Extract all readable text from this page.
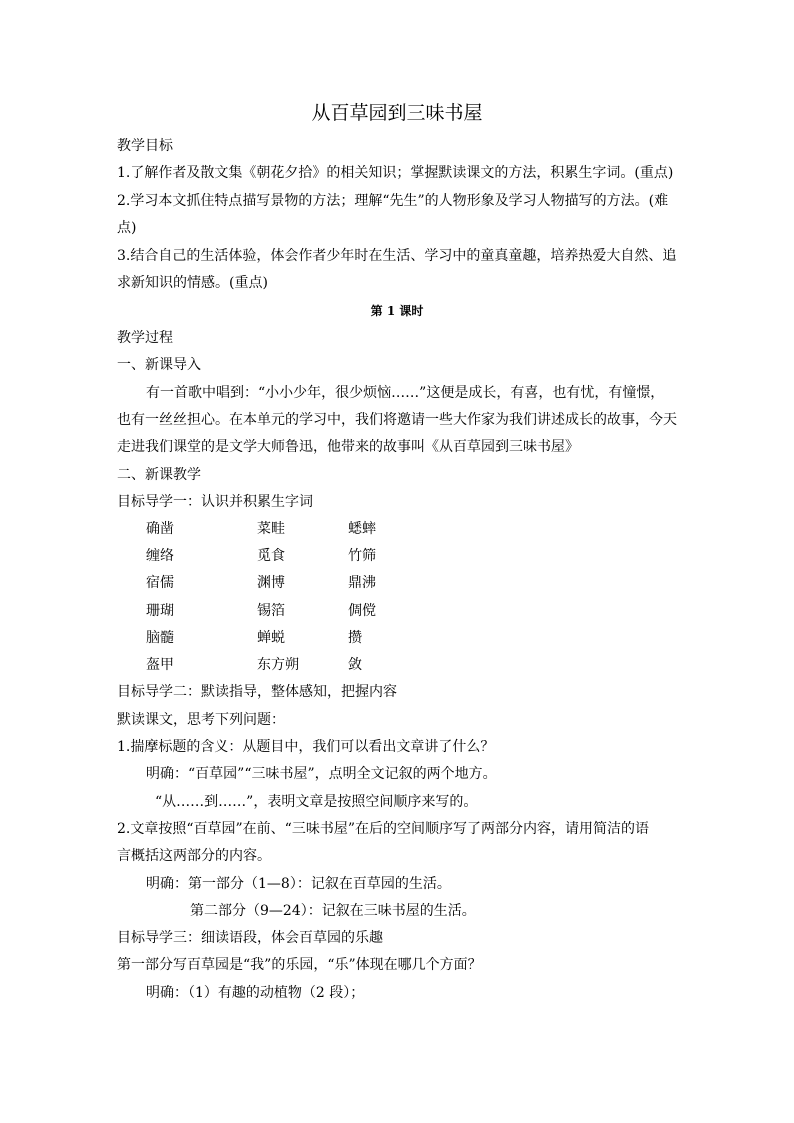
从百草园到三味书屋
教学目标
1.了解作者及散文集《朝花夕拾》的相关知识；掌握默读课文的方法，积累生字词。(重点)
2.学习本文抓住特点描写景物的方法；理解“先生”的人物形象及学习人物描写的方法。(难
点)
3.结合自己的生活体验，体会作者少年时在生活、学习中的童真童趣，培养热爱大自然、追
求新知识的情感。(重点)
第 1 课时
教学过程
一、新课导入
有一首歌中唱到：“小小少年，很少烦恼……”这便是成长，有喜，也有忧，有憧憬，
也有一丝丝担心。在本单元的学习中，我们将邀请一些大作家为我们讲述成长的故事，今天
走进我们课堂的是文学大师鲁迅，他带来的故事叫《从百草园到三味书屋》
二、新课教学
目标导学一：认识并积累生字词
确凿	菜畦	蟋蟀
缠络	觅食	竹筛
宿儒	渊博	鼎沸
珊瑚	锡箔	倜傥
脑髓	蝉蜕	攒
盔甲	东方朔	敛
目标导学二：默读指导，整体感知，把握内容
默读课文，思考下列问题：
1.揣摩标题的含义：从题目中，我们可以看出文章讲了什么？
明确：“百草园”“三味书屋”，点明全文记叙的两个地方。
“从……到……”，表明文章是按照空间顺序来写的。
2.文章按照“百草园”在前、“三味书屋”在后的空间顺序写了两部分内容，请用简洁的语
言概括这两部分的内容。
明确：第一部分（1—8）：记叙在百草园的生活。
第二部分（9—24）：记叙在三味书屋的生活。
目标导学三：细读语段，体会百草园的乐趣
第一部分写百草园是“我”的乐园，“乐”体现在哪几个方面？
明确：（1）有趣的动植物（2 段）；
